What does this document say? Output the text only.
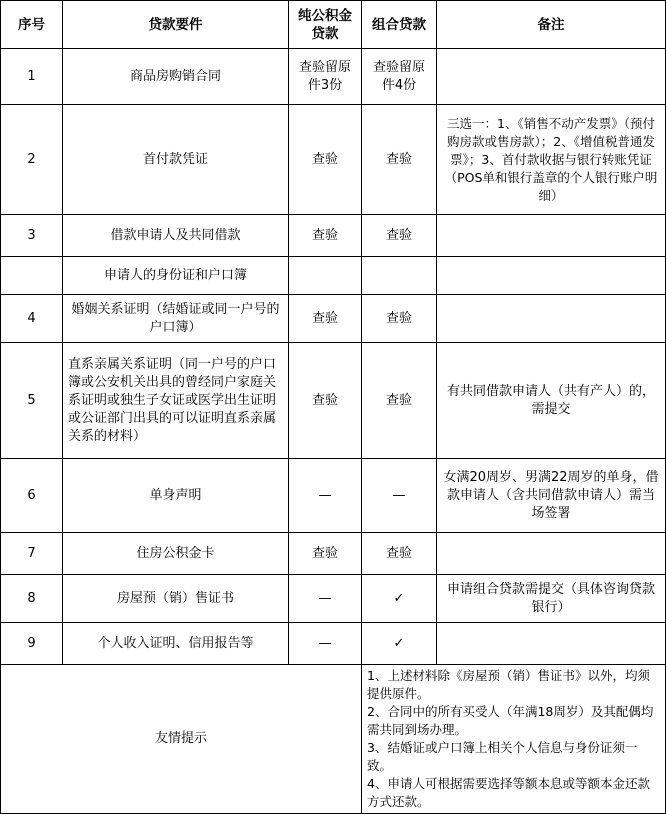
序号	贷款要件	纯公积金贷款	组合贷款	备注
1	商品房购销合同	查验留原件3份	查验留原件4份	
2	首付款凭证	查验	查验	三选一：1、《销售不动产发票》（预付购房款或售房款）；2、《增值税普通发票》；3、首付款收据与银行转账凭证（POS单和银行盖章的个人银行账户明细）
3	借款申请人及共同借款	查验	查验	
	申请人的身份证和户口簿			
4	婚姻关系证明（结婚证或同一户号的户口簿）	查验	查验	
5	直系亲属关系证明（同一户号的户口簿或公安机关出具的曾经同户家庭关系证明或独生子女证或医学出生证明或公证部门出具的可以证明直系亲属关系的材料）	查验	查验	有共同借款申请人（共有产人）的，需提交
6	单身声明	—	—	女满20周岁、男满22周岁的单身，借款申请人（含共同借款申请人）需当场签署
7	住房公积金卡	查验	查验	
8	房屋预（销）售证书	—	✓	申请组合贷款需提交（具体咨询贷款银行）
9	个人收入证明、信用报告等	—	✓	
友情提示			1、上述材料除《房屋预（销）售证书》以外，均须提供原件。
2、合同中的所有买受人（年满18周岁）及其配偶均需共同到场办理。
3、结婚证或户口簿上相关个人信息与身份证须一致。
4、申请人可根据需要选择等额本息或等额本金还款方式还款。	
